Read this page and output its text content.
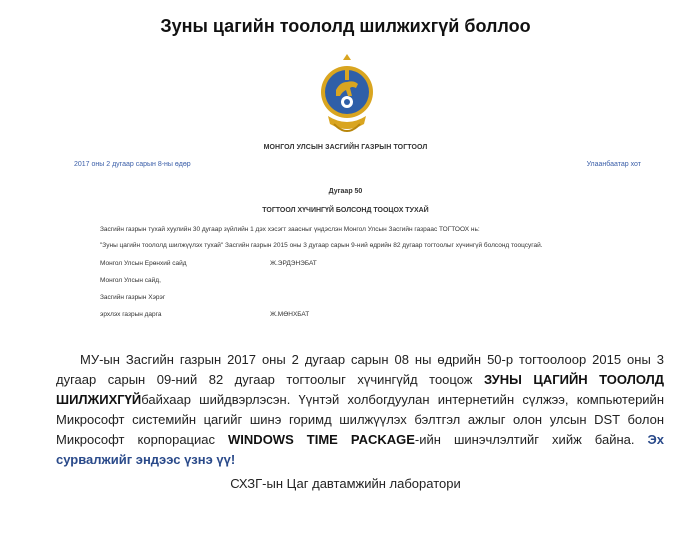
Зуны цагийн тоололд шилжихгүй боллоо
МОНГОЛ УЛСЫН ЗАСГИЙН ГАЗРЫН ТОГТООЛ
2017 оны 2 дугаар сарын 8-ны өдөр	Улаанбаатар хот
Дугаар 50
ТОГТООЛ ХҮЧИНГҮЙ БОЛСОНД ТООЦОХ ТУХАЙ
Засгийн газрын тухай хуулийн 30 дугаар зүйлийн 1 дэх хэсэгт заасныг үндэслэн Монгол Улсын Засгийн газраас ТОГТООХ нь:
"Зуны цагийн тоололд шилжүүлэх тухай" Засгийн газрын 2015 оны 3 дугаар сарын 9-ний өдрийн 82 дугаар тогтоолыг хүчингүй болсонд тооцсугай.
Монгол Улсын Ерөнхий сайд	Ж.ЭРДЭНЭБАТ
Монгол Улсын сайд,
Засгийн газрын Хэрэг
эрхлэх газрын дарга	Ж.МӨНХБАТ
МУ-ын Засгийн газрын 2017 оны 2 дугаар сарын 08 ны өдрийн 50-р тогтоолоор 2015 оны 3 дугаар сарын 09-ний 82 дугаар тогтоолыг хүчингүйд тооцож ЗУНЫ ЦАГИЙН ТООЛОЛД ШИЛЖИХГҮЙбайхаар шийдвэрлэсэн. Үүнтэй холбогдуулан интернетийн сүлжээ, компьютерийн Микрософт системийн цагийг шинэ горимд шилжүүлэх бэлтгэл ажлыг олон улсын DST болон Микрософт корпорациас WINDOWS TIME PACKAGE-ийн шинэчлэлтийг хийж байна. Эх сурвалжийг эндээс үзнэ үү!
СХЗГ-ын Цаг давтамжийн лаборатори
